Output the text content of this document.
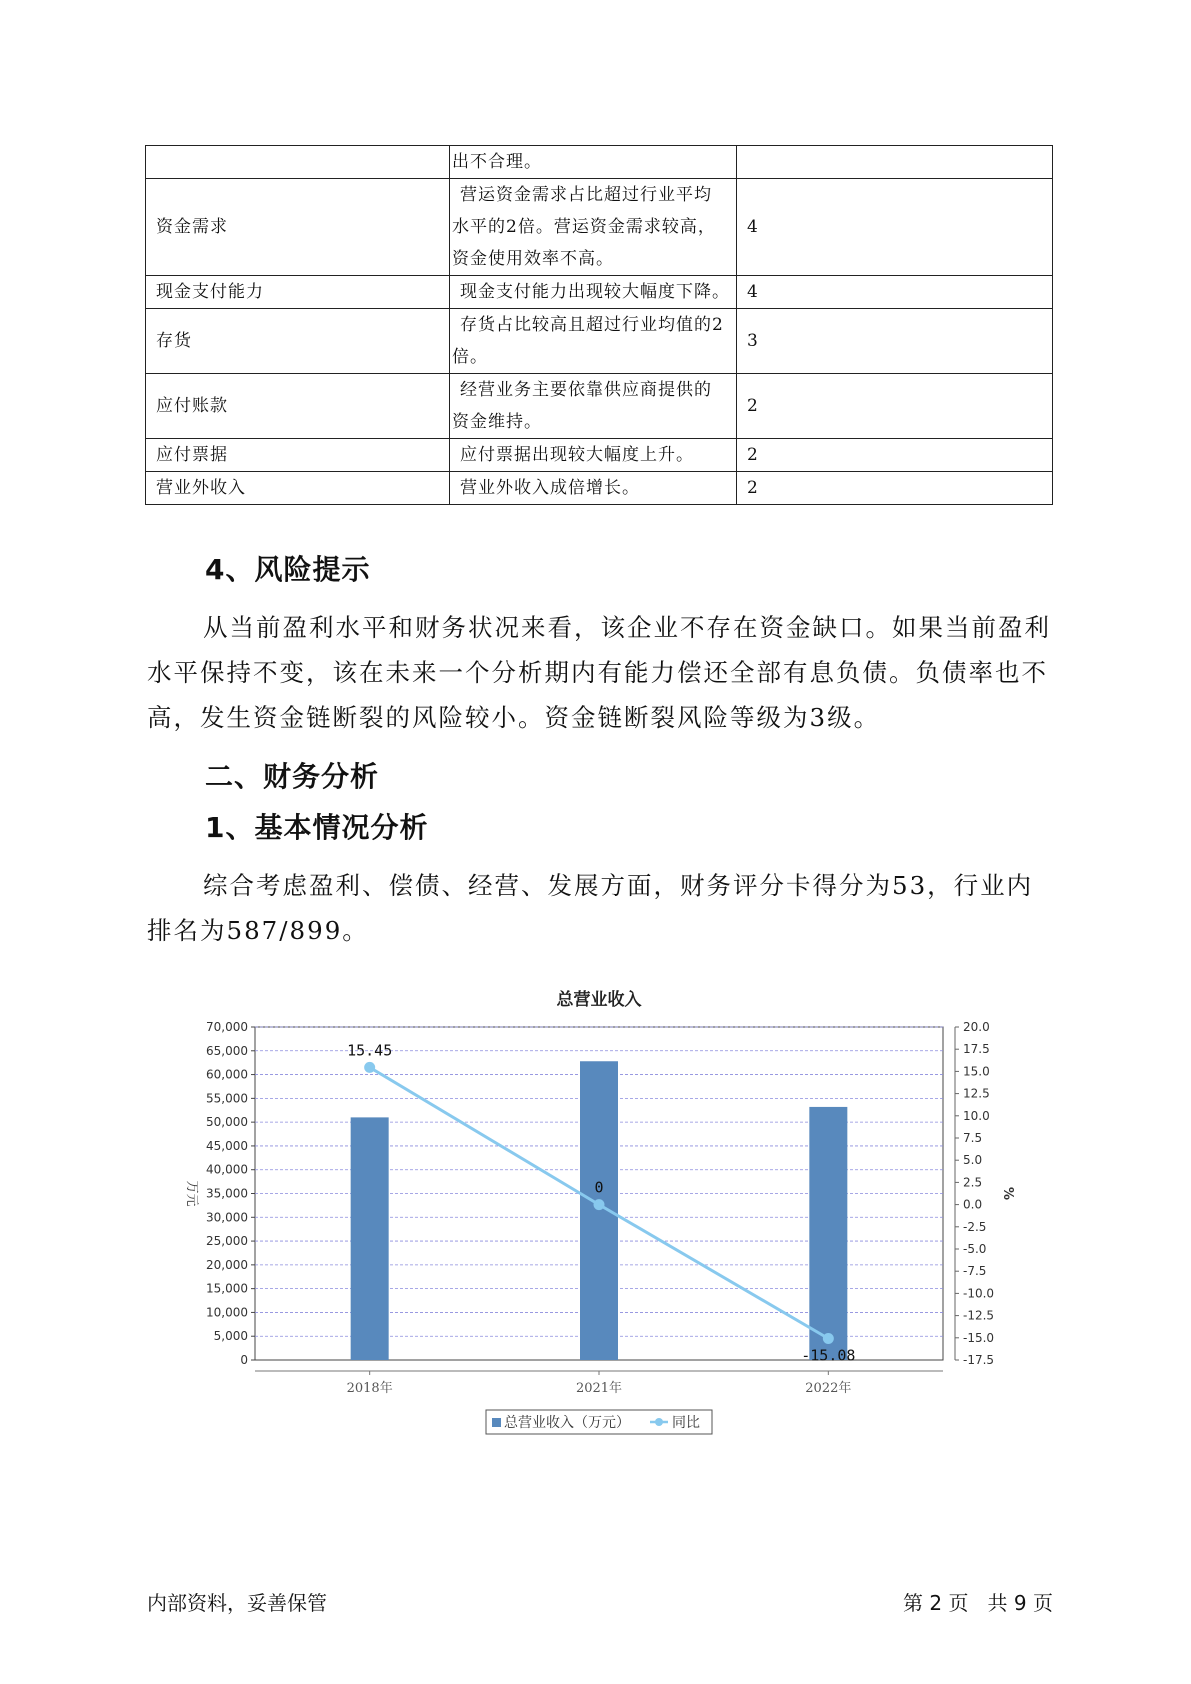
	出不合理。	

资金需求	营运资金需求占比超过行业平均
水平的2倍。营运资金需求较高，
资金使用效率不高。	4
现金支付能力	现金支付能力出现较大幅度下降。	4
存货	存货占比较高且超过行业均值的2
倍。	3
应付账款	经营业务主要依靠供应商提供的
资金维持。	2
应付票据	应付票据出现较大幅度上升。	2
营业外收入	营业外收入成倍增长。	2
4、风险提示

从当前盈利水平和财务状况来看，该企业不存在资金缺口。如果当前盈利水平保持不变，该在未来一个分析期内有能力偿还全部有息负债。负债率也不高，发生资金链断裂的风险较小。资金链断裂风险等级为3级。

二、财务分析
1、基本情况分析

综合考虑盈利、偿债、经营、发展方面，财务评分卡得分为53，行业内排名为587/899。

总营业收入
0
5,000
10,000
15,000
20,000
25,000
30,000
35,000
40,000
45,000
50,000
55,000
60,000
65,000
70,000	20.0
17.5
15.0
12.5
10.0
7.5
5.0
2.5
0.0
-2.5
-5.0
-7.5
-10.0
-12.5
-15.0
-17.5
万元	%
2018年	2021年	2022年
15.45
0
-15.08
总营业收入（万元）	同比
内部资料，妥善保管	第 2 页   共 9 页
